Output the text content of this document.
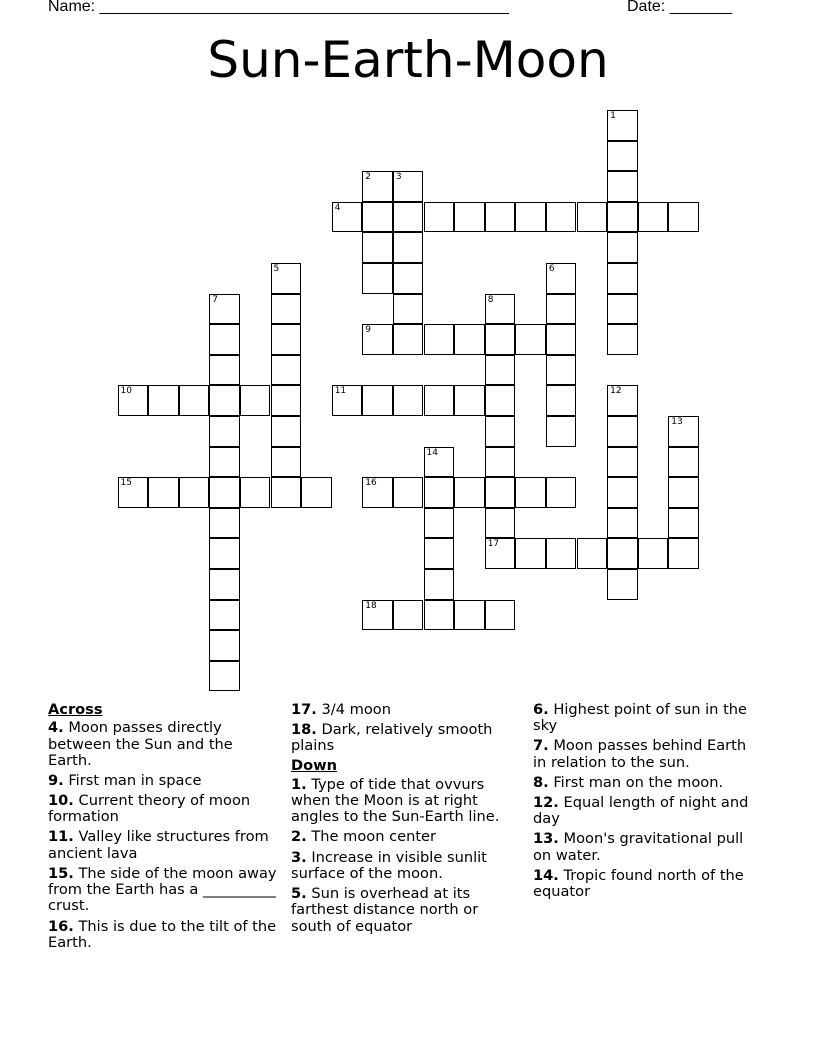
Name: ______________________________________________	Date: _______
Sun-Earth-Moon
1
2	3
4
5	6
7	8
17
9
10	11	12
13
14
15	16
18
Across
4. Moon passes directly between the Sun and the Earth.
9. First man in space
10. Current theory of moon formation
11. Valley like structures from ancient lava
15. The side of the moon away from the Earth has a __________ crust.
16. This is due to the tilt of the Earth.
17. 3/4 moon
18. Dark, relatively smooth plains
Down
1. Type of tide that ovvurs when the Moon is at right angles to the Sun-Earth line.
2. The moon center
3. Increase in visible sunlit surface of the moon.
5. Sun is overhead at its farthest distance north or south of equator
6. Highest point of sun in the sky
7. Moon passes behind Earth in relation to the sun.
8. First man on the moon.
12. Equal length of night and day
13. Moon's gravitational pull on water.
14. Tropic found north of the equator
